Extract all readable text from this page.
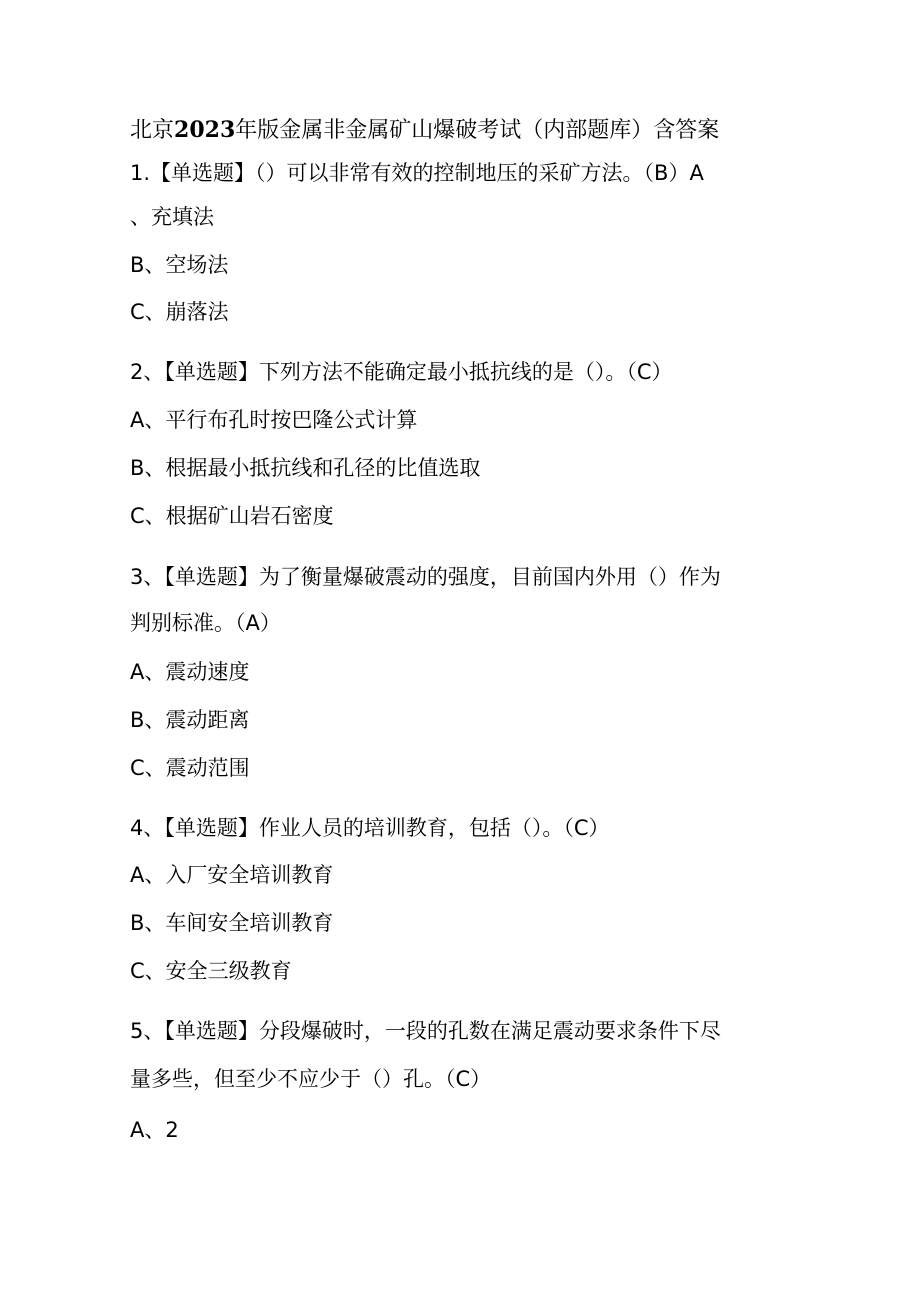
北京2023年版金属非金属矿山爆破考试（内部题库）含答案
1.【单选题】（）可以非常有效的控制地压的采矿方法。（B）A
、充填法
B、空场法
C、崩落法
2、【单选题】下列方法不能确定最小抵抗线的是（）。（C）
A、平行布孔时按巴隆公式计算
B、根据最小抵抗线和孔径的比值选取
C、根据矿山岩石密度
3、【单选题】为了衡量爆破震动的强度，目前国内外用（）作为
判别标准。（A）
A、震动速度
B、震动距离
C、震动范围
4、【单选题】作业人员的培训教育，包括（）。（C）
A、入厂安全培训教育
B、车间安全培训教育
C、安全三级教育
5、【单选题】分段爆破时，一段的孔数在满足震动要求条件下尽
量多些，但至少不应少于（）孔。（C）
A、2
